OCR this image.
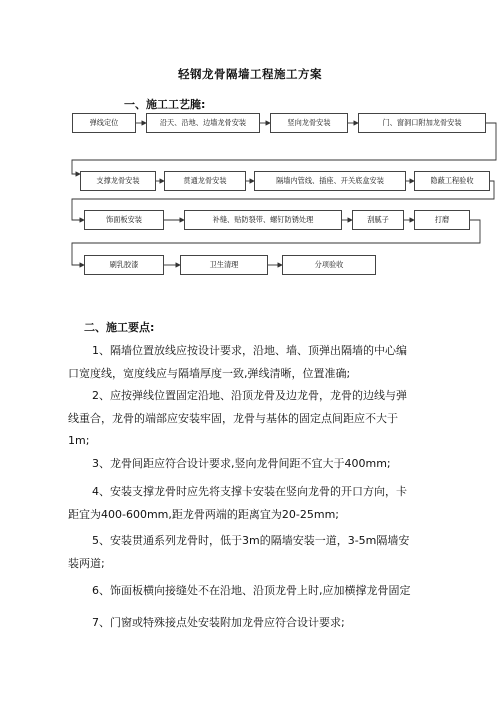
轻钢龙骨隔墙工程施工方案
一、施工工艺腌:
弹线定位	沿天、沿地、边墙龙骨安装	竖向龙骨安装	门、窗洞口附加龙骨安装
支撑龙骨安装	贯通龙骨安装	隔墙内管线、插座、开关底盒安装	隐蔽工程验收
饰面板安装	补缝、贴防裂带、螺钉防锈处理	刮腻子	打磨
刷乳胶漆	卫生清理	分项验收
二、施工要点:
1、隔墙位置放线应按设计要求，沿地、墙、顶弹出隔墙的中心编
口宽度线，宽度线应与隔墙厚度一致,弹线清晰，位置准确;
2、应按弹线位置固定沿地、沿顶龙骨及边龙骨，龙骨的边线与弹
线重合，龙骨的端部应安装牢固，龙骨与基体的固定点间距应不大于
1m;
3、龙骨间距应符合设计要求,竖向龙骨间距不宜大于400mm;
4、安装支撑龙骨时应先将支撑卡安装在竖向龙骨的开口方向，卡
距宜为400-600mm,距龙骨两端的距离宜为20-25mm;
5、安装贯通系列龙骨时，低于3m的隔墙安装一道，3-5m隔墙安
装两道;
6、饰面板横向接缝处不在沿地、沿顶龙骨上时,应加横撑龙骨固定
7、门窗或特殊接点处安装附加龙骨应符合设计要求;
